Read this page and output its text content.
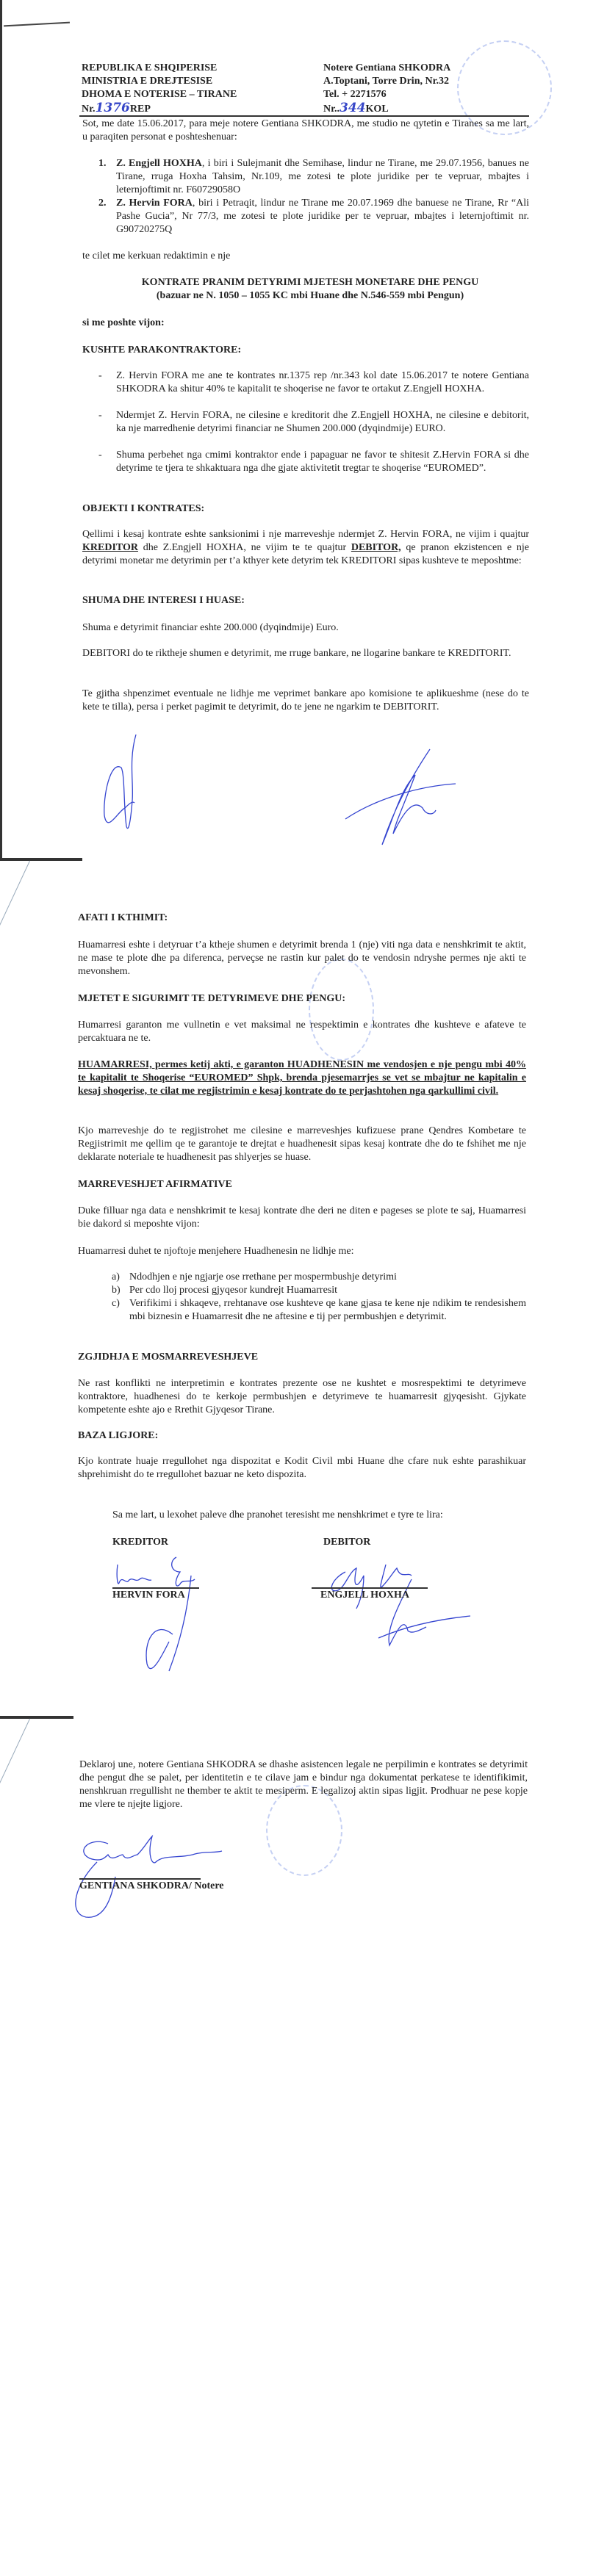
REPUBLIKA E SHQIPERISE
MINISTRIA E DREJTESISE
DHOMA E NOTERISE – TIRANE
Nr.1376REP
Notere Gentiana SHKODRA
A.Toptani, Torre Drin, Nr.32
Tel. + 2271576
Nr..344KOL
Sot, me date 15.06.2017, para meje notere Gentiana SHKODRA, me studio ne qytetin e Tiranes sa me lart, u paraqiten personat e poshteshenuar:
1. Z. Engjell HOXHA, i biri i Sulejmanit dhe Semihase, lindur ne Tirane, me 29.07.1956, banues ne Tirane, rruga Hoxha Tahsim, Nr.109, me zotesi te plote juridike per te vepruar, mbajtes i leternjoftimit nr. F60729058O
2. Z. Hervin FORA, biri i Petraqit, lindur ne Tirane me 20.07.1969 dhe banuese ne Tirane, Rr “Ali Pashe Gucia”, Nr 77/3, me zotesi te plote juridike per te vepruar, mbajtes i leternjoftimit nr. G90720275Q
te cilet me kerkuan redaktimin e nje
KONTRATE PRANIM DETYRIMI MJETESH MONETARE DHE PENGU
(bazuar ne N. 1050 – 1055 KC mbi Huane dhe N.546-559 mbi Pengun)
si me poshte vijon:
KUSHTE PARAKONTRAKTORE:
- Z. Hervin FORA me ane te kontrates nr.1375 rep /nr.343 kol date 15.06.2017 te notere Gentiana SHKODRA ka shitur 40% te kapitalit te shoqerise ne favor te ortakut Z.Engjell HOXHA.
- Ndermjet Z. Hervin FORA, ne cilesine e kreditorit dhe Z.Engjell HOXHA, ne cilesine e debitorit, ka nje marredhenie detyrimi financiar ne Shumen 200.000 (dyqindmije) EURO.
- Shuma perbehet nga cmimi kontraktor ende i papaguar ne favor te shitesit Z.Hervin FORA si dhe detyrime te tjera te shkaktuara nga dhe gjate aktivitetit tregtar te shoqerise “EUROMED”.
OBJEKTI I KONTRATES:
Qellimi i kesaj kontrate eshte sanksionimi i nje marreveshje ndermjet Z. Hervin FORA, ne vijim i quajtur KREDITOR dhe Z.Engjell HOXHA, ne vijim te te quajtur DEBITOR, qe pranon ekzistencen e nje detyrimi monetar me detyrimin per t’a kthyer kete detyrim tek KREDITORI sipas kushteve te meposhtme:
SHUMA DHE INTERESI I HUASE:
Shuma e detyrimit financiar eshte 200.000 (dyqindmije) Euro.
DEBITORI do te riktheje shumen e detyrimit, me rruge bankare, ne llogarine bankare te KREDITORIT.
Te gjitha shpenzimet eventuale ne lidhje me veprimet bankare apo komisione te aplikueshme (nese do te kete te tilla), persa i perket pagimit te detyrimit, do te jene ne ngarkim te DEBITORIT.
AFATI I KTHIMIT:
Huamarresi eshte i detyruar t’a ktheje shumen e detyrimit brenda 1 (nje) viti nga data e nenshkrimit te aktit, ne mase te plote dhe pa diferenca, perveçse ne rastin kur palet do te vendosin ndryshe permes nje akti te mevonshem.
MJETET E SIGURIMIT TE DETYRIMEVE DHE PENGU:
Humarresi garanton me vullnetin e vet maksimal ne respektimin e kontrates dhe kushteve e afateve te percaktuara ne te.
HUAMARRESI, permes ketij akti, e garanton HUADHENESIN me vendosjen e nje pengu mbi 40% te kapitalit te Shoqerise “EUROMED” Shpk, brenda pjesemarrjes se vet se mbajtur ne kapitalin e kesaj shoqerise, te cilat me regjistrimin e kesaj kontrate do te perjashtohen nga qarkullimi civil.
Kjo marreveshje do te regjistrohet me cilesine e marreveshjes kufizuese prane Qendres Kombetare te Regjistrimit me qellim qe te garantoje te drejtat e huadhenesit sipas kesaj kontrate dhe do te fshihet me nje deklarate noteriale te huadhenesit pas shlyerjes se huase.
MARREVESHJET AFIRMATIVE
Duke filluar nga data e nenshkrimit te kesaj kontrate dhe deri ne diten e pageses se plote te saj, Huamarresi bie dakord si meposhte vijon:
Huamarresi duhet te njoftoje menjehere Huadhenesin ne lidhje me:
a) Ndodhjen e nje ngjarje ose rrethane per mospermbushje detyrimi
b) Per cdo lloj procesi gjyqesor kundrejt Huamarresit
c) Verifikimi i shkaqeve, rrehtanave ose kushteve qe kane gjasa te kene nje ndikim te rendesishem mbi biznesin e Huamarresit dhe ne aftesine e tij per permbushjen e detyrimit.
ZGJIDHJA E MOSMARREVESHJEVE
Ne rast konflikti ne interpretimin e kontrates prezente ose ne kushtet e mosrespektimi te detyrimeve kontraktore, huadhenesi do te kerkoje permbushjen e detyrimeve te huamarresit gjyqesisht. Gjykate kompetente eshte ajo e Rrethit Gjyqesor Tirane.
BAZA LIGJORE:
Kjo kontrate huaje rregullohet nga dispozitat e Kodit Civil mbi Huane dhe cfare nuk eshte parashikuar shprehimisht do te rregullohet bazuar ne keto dispozita.
Sa me lart, u lexohet paleve dhe pranohet teresisht me nenshkrimet e tyre te lira:
KREDITOR	DEBITOR
HERVIN FORA	ENGJELL HOXHA
Deklaroj une, notere Gentiana SHKODRA se dhashe asistencen legale ne perpilimin e kontrates se detyrimit dhe pengut dhe se palet, per identitetin e te cilave jam e bindur nga dokumentat perkatese te identifikimit, nenshkruan rregullisht ne thember te aktit te mesiperm. E legalizoj aktin sipas ligjit. Prodhuar ne pese kopje me vlere te njejte ligjore.
GENTIANA SHKODRA/ Notere
